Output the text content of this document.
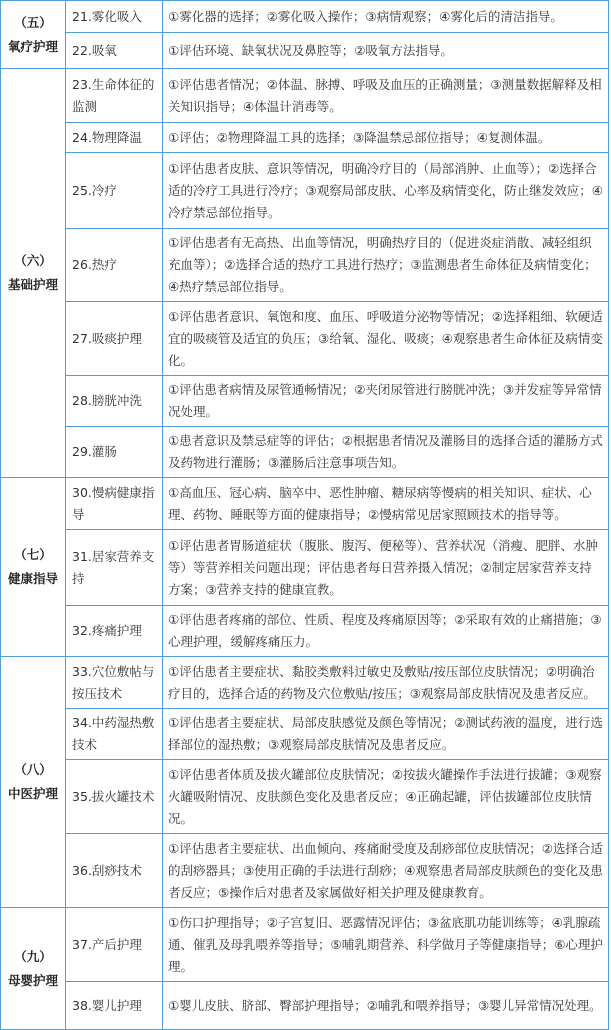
（五）
氧疗护理	21.雾化吸入	①雾化器的选择；②雾化吸入操作；③病情观察；④雾化后的清洁指导。
	22.吸氧	①评估环境、缺氧状况及鼻腔等；②吸氧方法指导。

（六）
基础护理	23.生命体征的监测	①评估患者情况；②体温、脉搏、呼吸及血压的正确测量；③测量数据解释及相关知识指导；④体温计消毒等。
	24.物理降温	①评估；②物理降温工具的选择；③降温禁忌部位指导；④复测体温。
	25.冷疗	①评估患者皮肤、意识等情况，明确冷疗目的（局部消肿、止血等）；②选择合适的冷疗工具进行冷疗；③观察局部皮肤、心率及病情变化，防止继发效应；④冷疗禁忌部位指导。
	26.热疗	①评估患者有无高热、出血等情况，明确热疗目的（促进炎症消散、减轻组织充血等）；②选择合适的热疗工具进行热疗；③监测患者生命体征及病情变化；④热疗禁忌部位指导。
	27.吸痰护理	①评估患者意识、氧饱和度、血压、呼吸道分泌物等情况；②选择粗细、软硬适宜的吸痰管及适宜的负压；③给氧、湿化、吸痰；④观察患者生命体征及病情变化。
	28.膀胱冲洗	①评估患者病情及尿管通畅情况；②夹闭尿管进行膀胱冲洗；③并发症等异常情况处理。
	29.灌肠	①患者意识及禁忌症等的评估；②根据患者情况及灌肠目的选择合适的灌肠方式及药物进行灌肠；③灌肠后注意事项告知。

（七）
健康指导	30.慢病健康指导	①高血压、冠心病、脑卒中、恶性肿瘤、糖尿病等慢病的相关知识、症状、心理、药物、睡眠等方面的健康指导；②慢病常见居家照顾技术的指导等。
	31.居家营养支持	①评估患者胃肠道症状（腹胀、腹泻、便秘等）、营养状况（消瘦、肥胖、水肿等）等营养相关问题出现；评估患者每日营养摄入情况；②制定居家营养支持方案；③营养支持的健康宣教。
	32.疼痛护理	①评估患者疼痛的部位、性质、程度及疼痛原因等；②采取有效的止痛措施；③心理护理，缓解疼痛压力。

（八）
中医护理	33.穴位敷帖与按压技术	①评估患者主要症状、黏胶类敷料过敏史及敷贴/按压部位皮肤情况；②明确治疗目的，选择合适的药物及穴位敷贴/按压；③观察局部皮肤情况及患者反应。
	34.中药湿热敷技术	①评估患者主要症状、局部皮肤感觉及颜色等情况；②测试药液的温度，进行选择部位的湿热敷；③观察局部皮肤情况及患者反应。
	35.拔火罐技术	①评估患者体质及拔火罐部位皮肤情况；②按拔火罐操作手法进行拔罐；③观察火罐吸附情况、皮肤颜色变化及患者反应；④正确起罐，评估拔罐部位皮肤情况。
	36.刮痧技术	①评估患者主要症状、出血倾向、疼痛耐受度及刮痧部位皮肤情况；②选择合适的刮痧器具；③使用正确的手法进行刮痧；④观察患者局部皮肤颜色的变化及患者反应；⑤操作后对患者及家属做好相关护理及健康教育。

（九）
母婴护理	37.产后护理	①伤口护理指导；②子宫复旧、恶露情况评估；③盆底肌功能训练等；④乳腺疏通、催乳及母乳喂养等指导；⑤哺乳期营养、科学做月子等健康指导；⑥心理护理。
	38.婴儿护理	①婴儿皮肤、脐部、臀部护理指导；②哺乳和喂养指导；③婴儿异常情况处理。
